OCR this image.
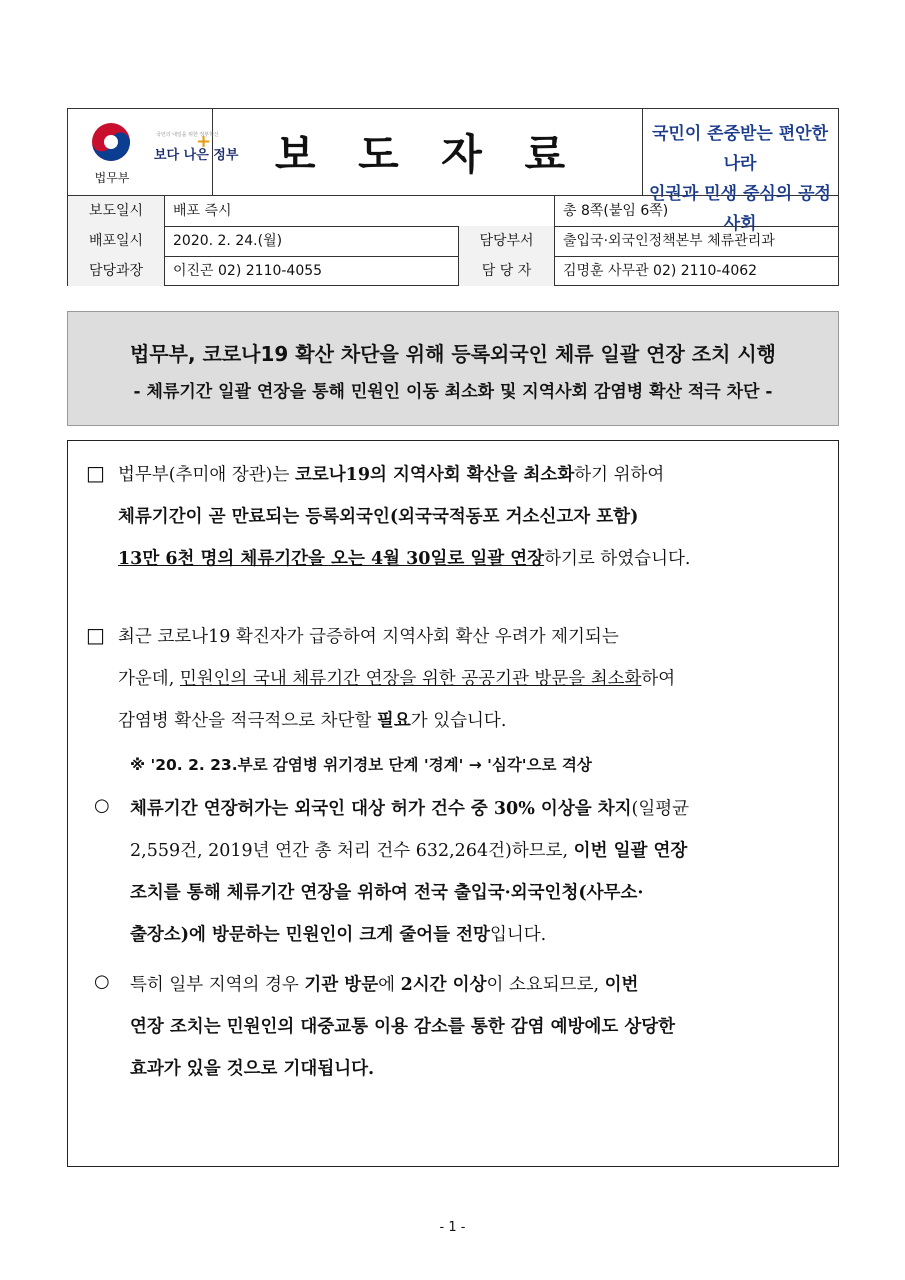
법무부
국민의 내일을 위한 정부혁신
보다 나은 정부
+ 보 도 자 료	국민이 존중받는 편안한 나라
인권과 민생 중심의 공정사회
보도일시	배포 즉시	총 8쪽(붙임 6쪽)
배포일시	2020. 2. 24.(월)	담당부서	출입국·외국인정책본부 체류관리과
담당과장	이진곤 02) 2110-4055	담 당 자	김명훈 사무관 02) 2110-4062
법무부, 코로나19 확산 차단을 위해 등록외국인 체류 일괄 연장 조치 시행
- 체류기간 일괄 연장을 통해 민원인 이동 최소화 및 지역사회 감염병 확산 적극 차단 -
□ 법무부(추미애 장관)는 코로나19의 지역사회 확산을 최소화하기 위하여
체류기간이 곧 만료되는 등록외국인(외국국적동포 거소신고자 포함)
13만 6천 명의 체류기간을 오는 4월 30일로 일괄 연장하기로 하였습니다.
□ 최근 코로나19 확진자가 급증하여 지역사회 확산 우려가 제기되는
가운데, 민원인의 국내 체류기간 연장을 위한 공공기관 방문을 최소화하여
감염병 확산을 적극적으로 차단할 필요가 있습니다.
※ '20. 2. 23.부로 감염병 위기경보 단계 '경계' → '심각'으로 격상
○ 체류기간 연장허가는 외국인 대상 허가 건수 중 30% 이상을 차지(일평균
2,559건, 2019년 연간 총 처리 건수 632,264건)하므로, 이번 일괄 연장
조치를 통해 체류기간 연장을 위하여 전국 출입국·외국인청(사무소·
출장소)에 방문하는 민원인이 크게 줄어들 전망입니다.
○ 특히 일부 지역의 경우 기관 방문에 2시간 이상이 소요되므로, 이번
연장 조치는 민원인의 대중교통 이용 감소를 통한 감염 예방에도 상당한
효과가 있을 것으로 기대됩니다.
- 1 -
